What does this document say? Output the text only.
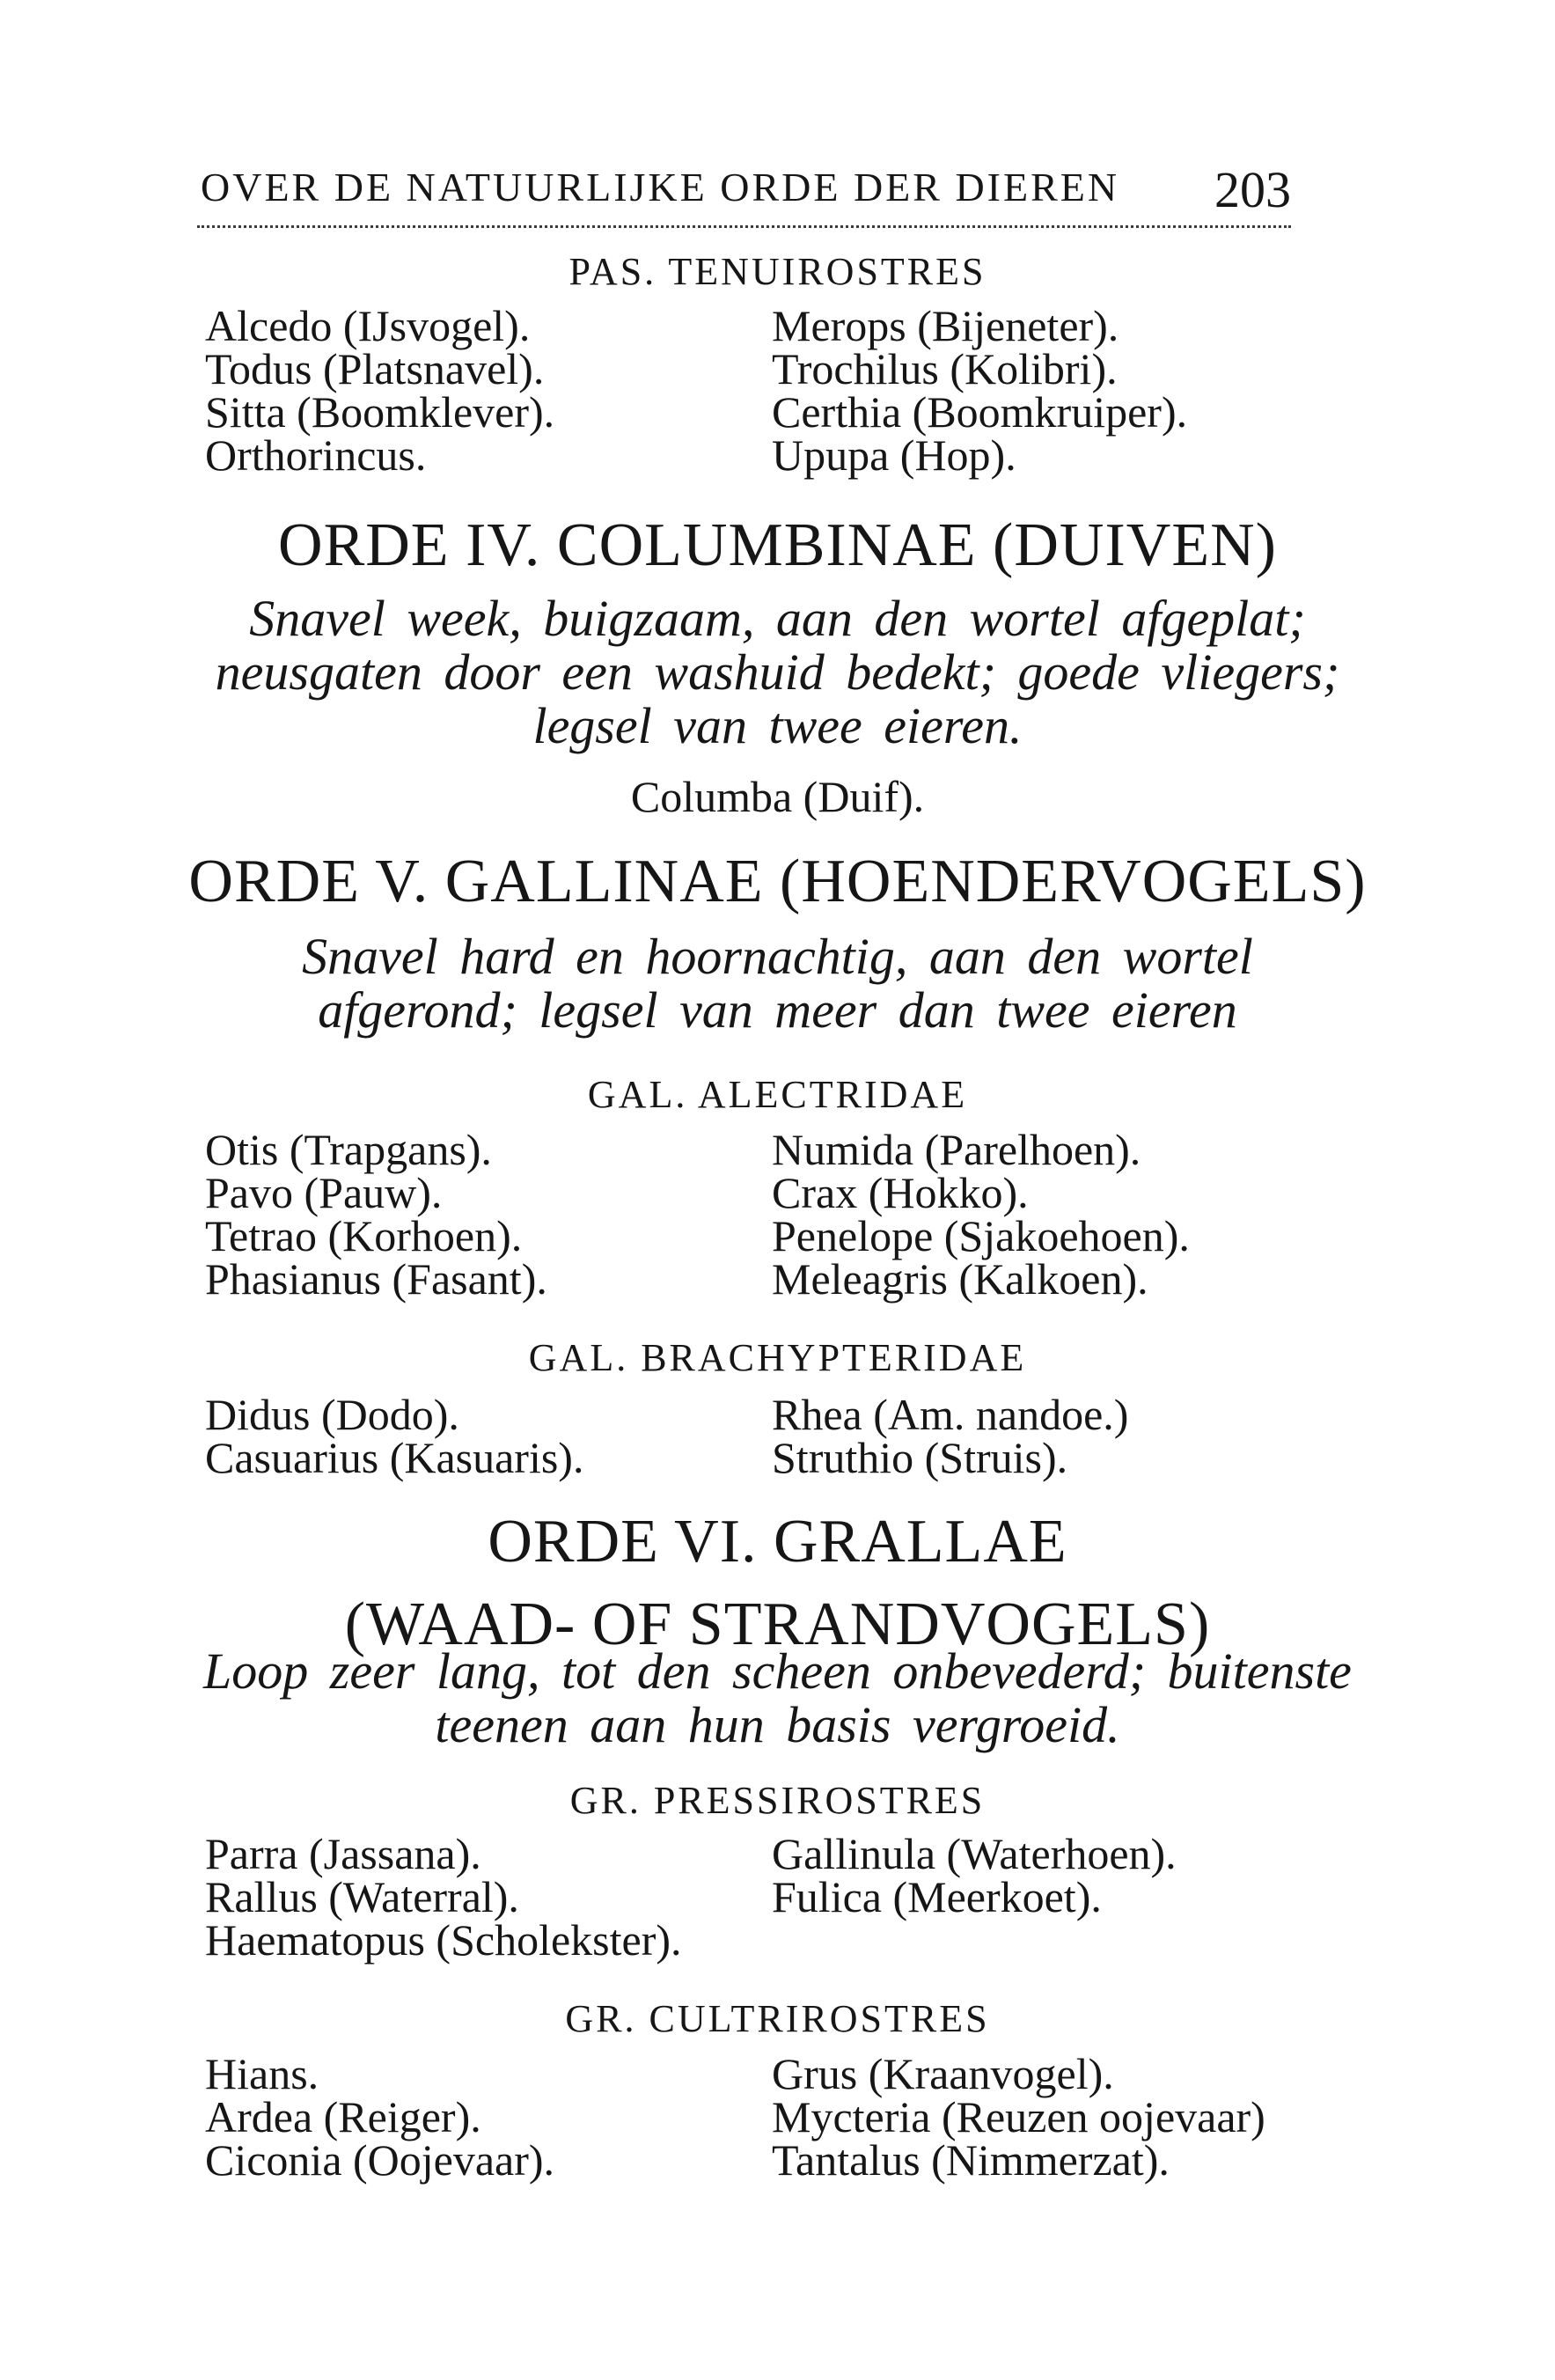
OVER DE NATUURLIJKE ORDE DER DIEREN 203
PAS. TENUIROSTRES
Alcedo (IJsvogel).
Todus (Platsnavel).
Sitta (Boomklever).
Orthorincus.
Merops (Bijeneter).
Trochilus (Kolibri).
Certhia (Boomkruiper).
Upupa (Hop).
ORDE IV. COLUMBINAE (DUIVEN)
Snavel week, buigzaam, aan den wortel afgeplat;
neusgaten door een washuid bedekt; goede vliegers;
legsel van twee eieren.
Columba (Duif).
ORDE V. GALLINAE (HOENDERVOGELS)
Snavel hard en hoornachtig, aan den wortel
afgerond; legsel van meer dan twee eieren
GAL. ALECTRIDAE
Otis (Trapgans).
Pavo (Pauw).
Tetrao (Korhoen).
Phasianus (Fasant).
Numida (Parelhoen).
Crax (Hokko).
Penelope (Sjakoehoen).
Meleagris (Kalkoen).
GAL. BRACHYPTERIDAE
Didus (Dodo).
Casuarius (Kasuaris).
Rhea (Am. nandoe.)
Struthio (Struis).
ORDE VI. GRALLAE
(WAAD- OF STRANDVOGELS)
Loop zeer lang, tot den scheen onbevederd; buitenste
teenen aan hun basis vergroeid.
GR. PRESSIROSTRES
Parra (Jassana).
Rallus (Waterral).
Haematopus (Scholekster).
Gallinula (Waterhoen).
Fulica (Meerkoet).
GR. CULTRIROSTRES
Hians.
Ardea (Reiger).
Ciconia (Oojevaar).
Grus (Kraanvogel).
Mycteria (Reuzen oojevaar)
Tantalus (Nimmerzat).
